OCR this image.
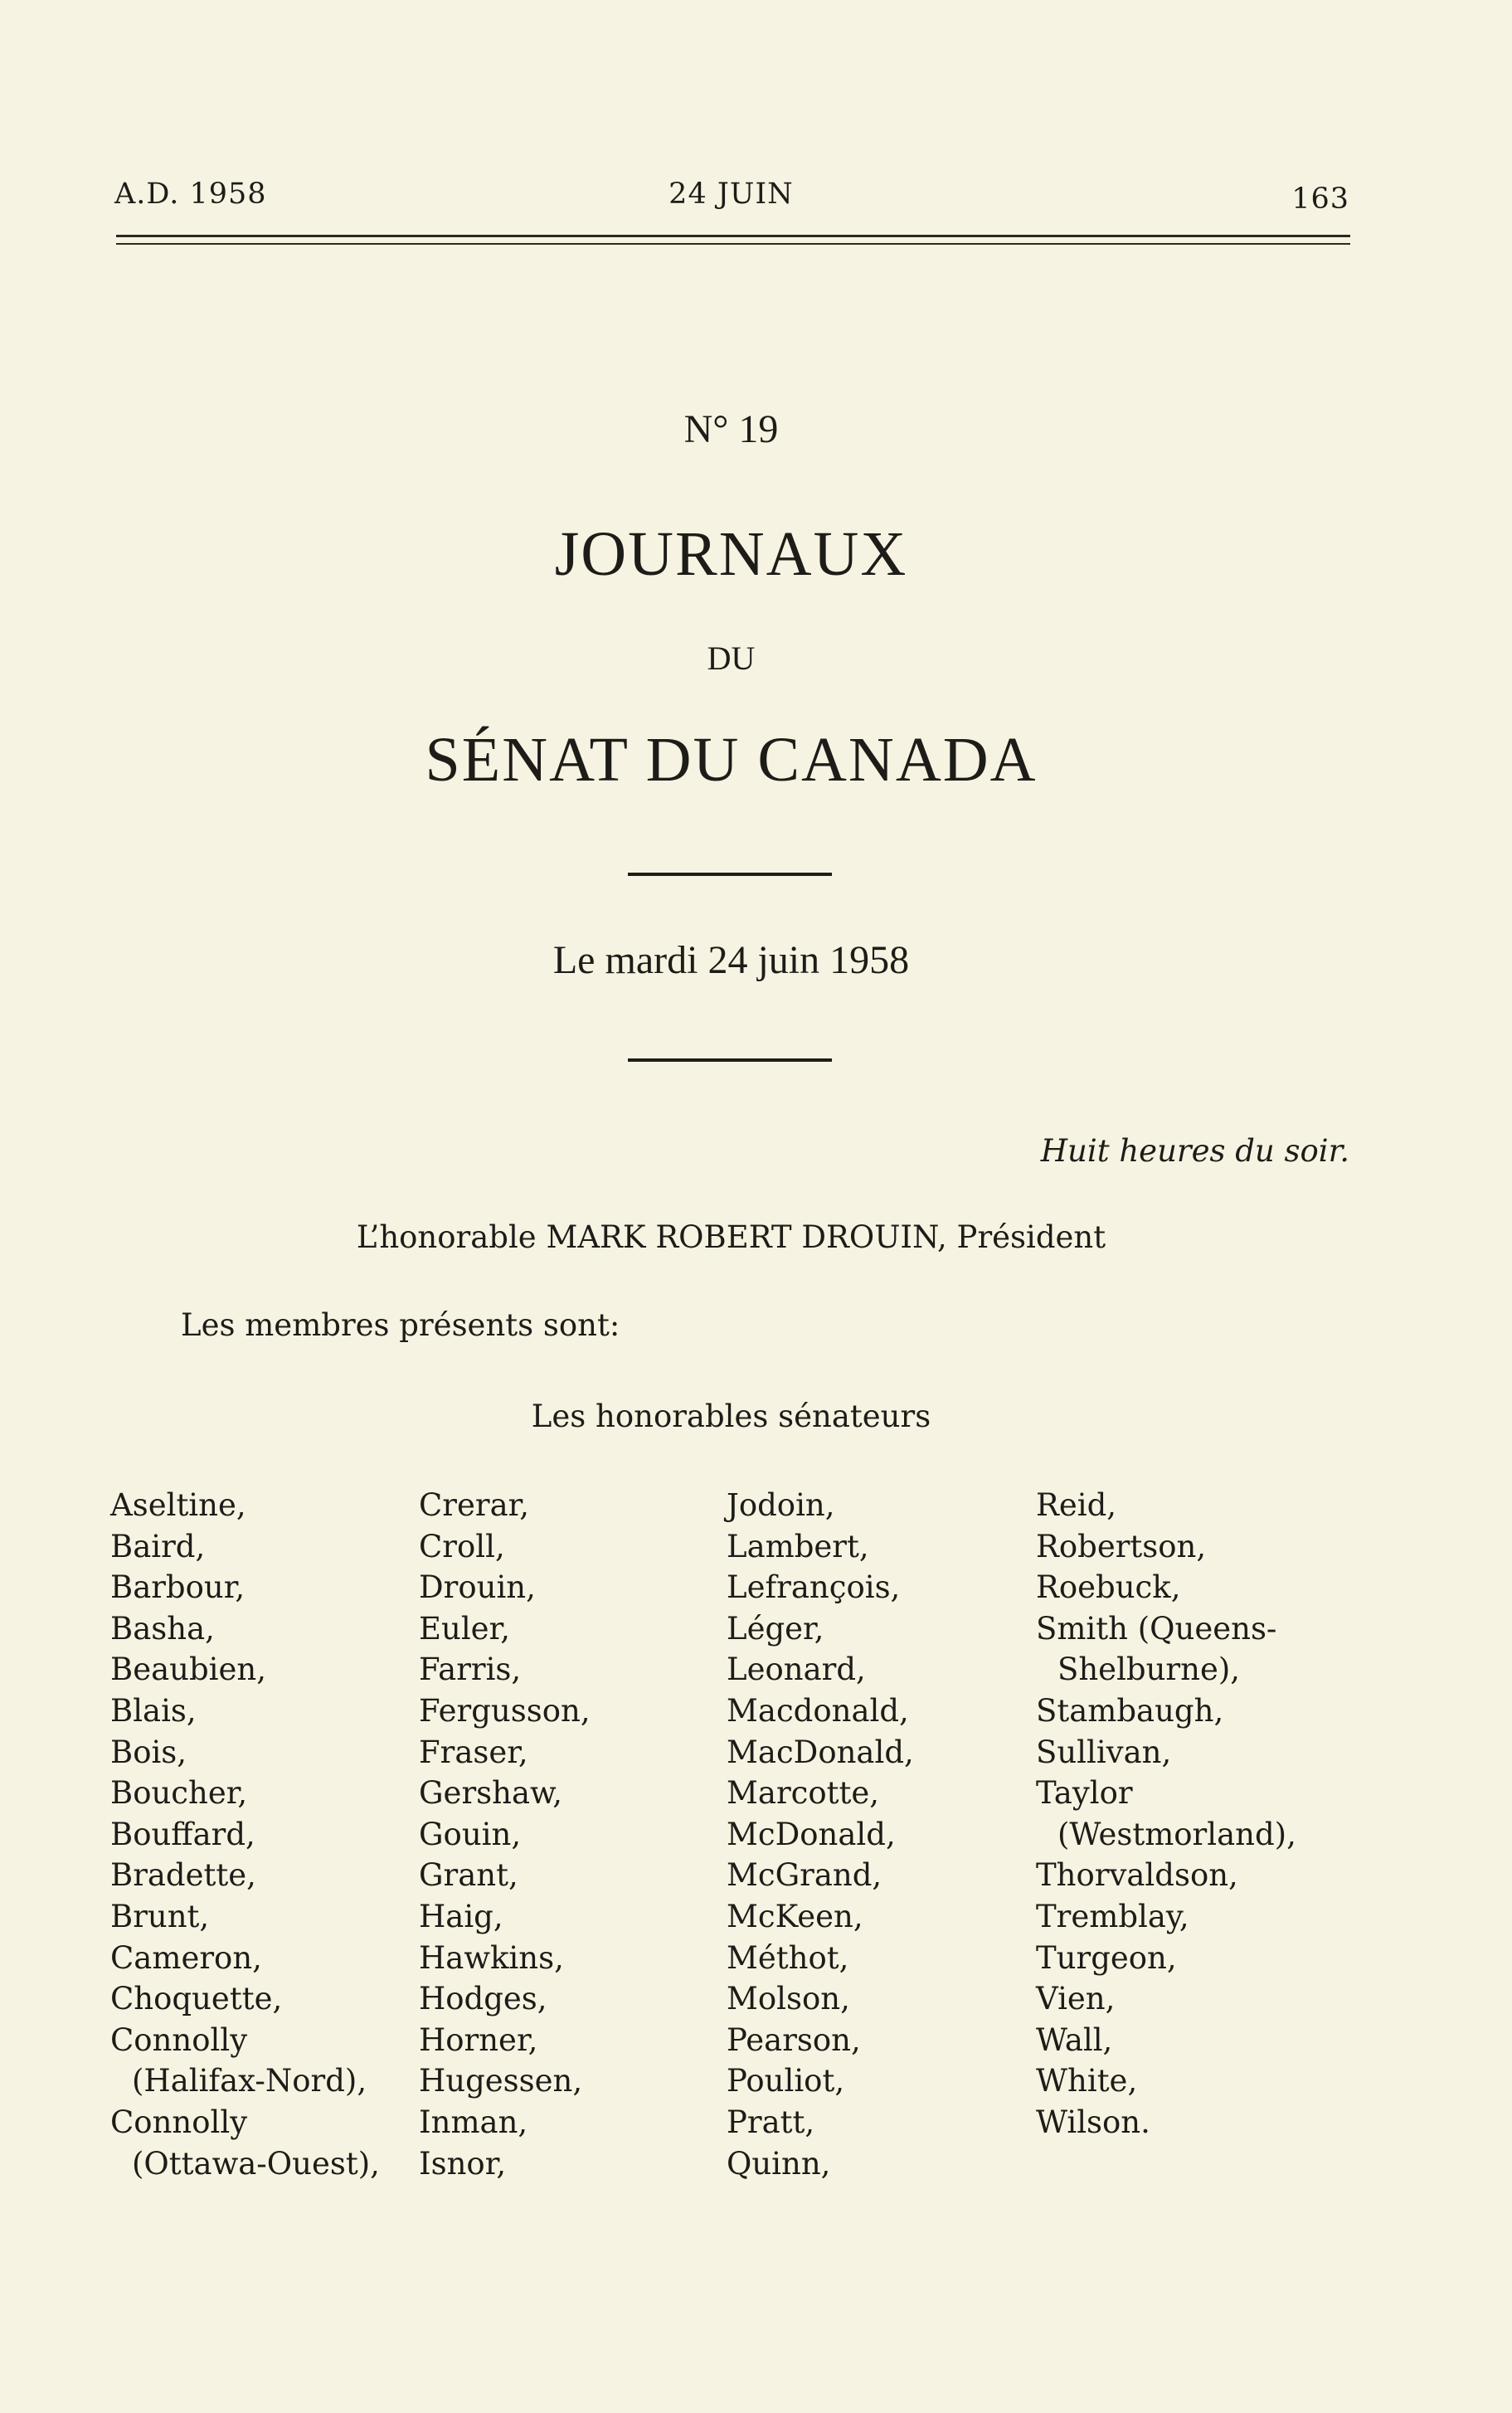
A.D. 1958	24 JUIN	163
N° 19
JOURNAUX
DU
SÉNAT DU CANADA
Le mardi 24 juin 1958
Huit heures du soir.
L’honorable MARK ROBERT DROUIN, Président
Les membres présents sont:
Les honorables sénateurs
Aseltine,
Baird,
Barbour,
Basha,
Beaubien,
Blais,
Bois,
Boucher,
Bouffard,
Bradette,
Brunt,
Cameron,
Choquette,
Connolly
(Halifax-Nord),
Connolly
(Ottawa-Ouest),
Crerar,
Croll,
Drouin,
Euler,
Farris,
Fergusson,
Fraser,
Gershaw,
Gouin,
Grant,
Haig,
Hawkins,
Hodges,
Horner,
Hugessen,
Inman,
Isnor,
Jodoin,
Lambert,
Lefrançois,
Léger,
Leonard,
Macdonald,
MacDonald,
Marcotte,
McDonald,
McGrand,
McKeen,
Méthot,
Molson,
Pearson,
Pouliot,
Pratt,
Quinn,
Reid,
Robertson,
Roebuck,
Smith (Queens-
Shelburne),
Stambaugh,
Sullivan,
Taylor
(Westmorland),
Thorvaldson,
Tremblay,
Turgeon,
Vien,
Wall,
White,
Wilson.
